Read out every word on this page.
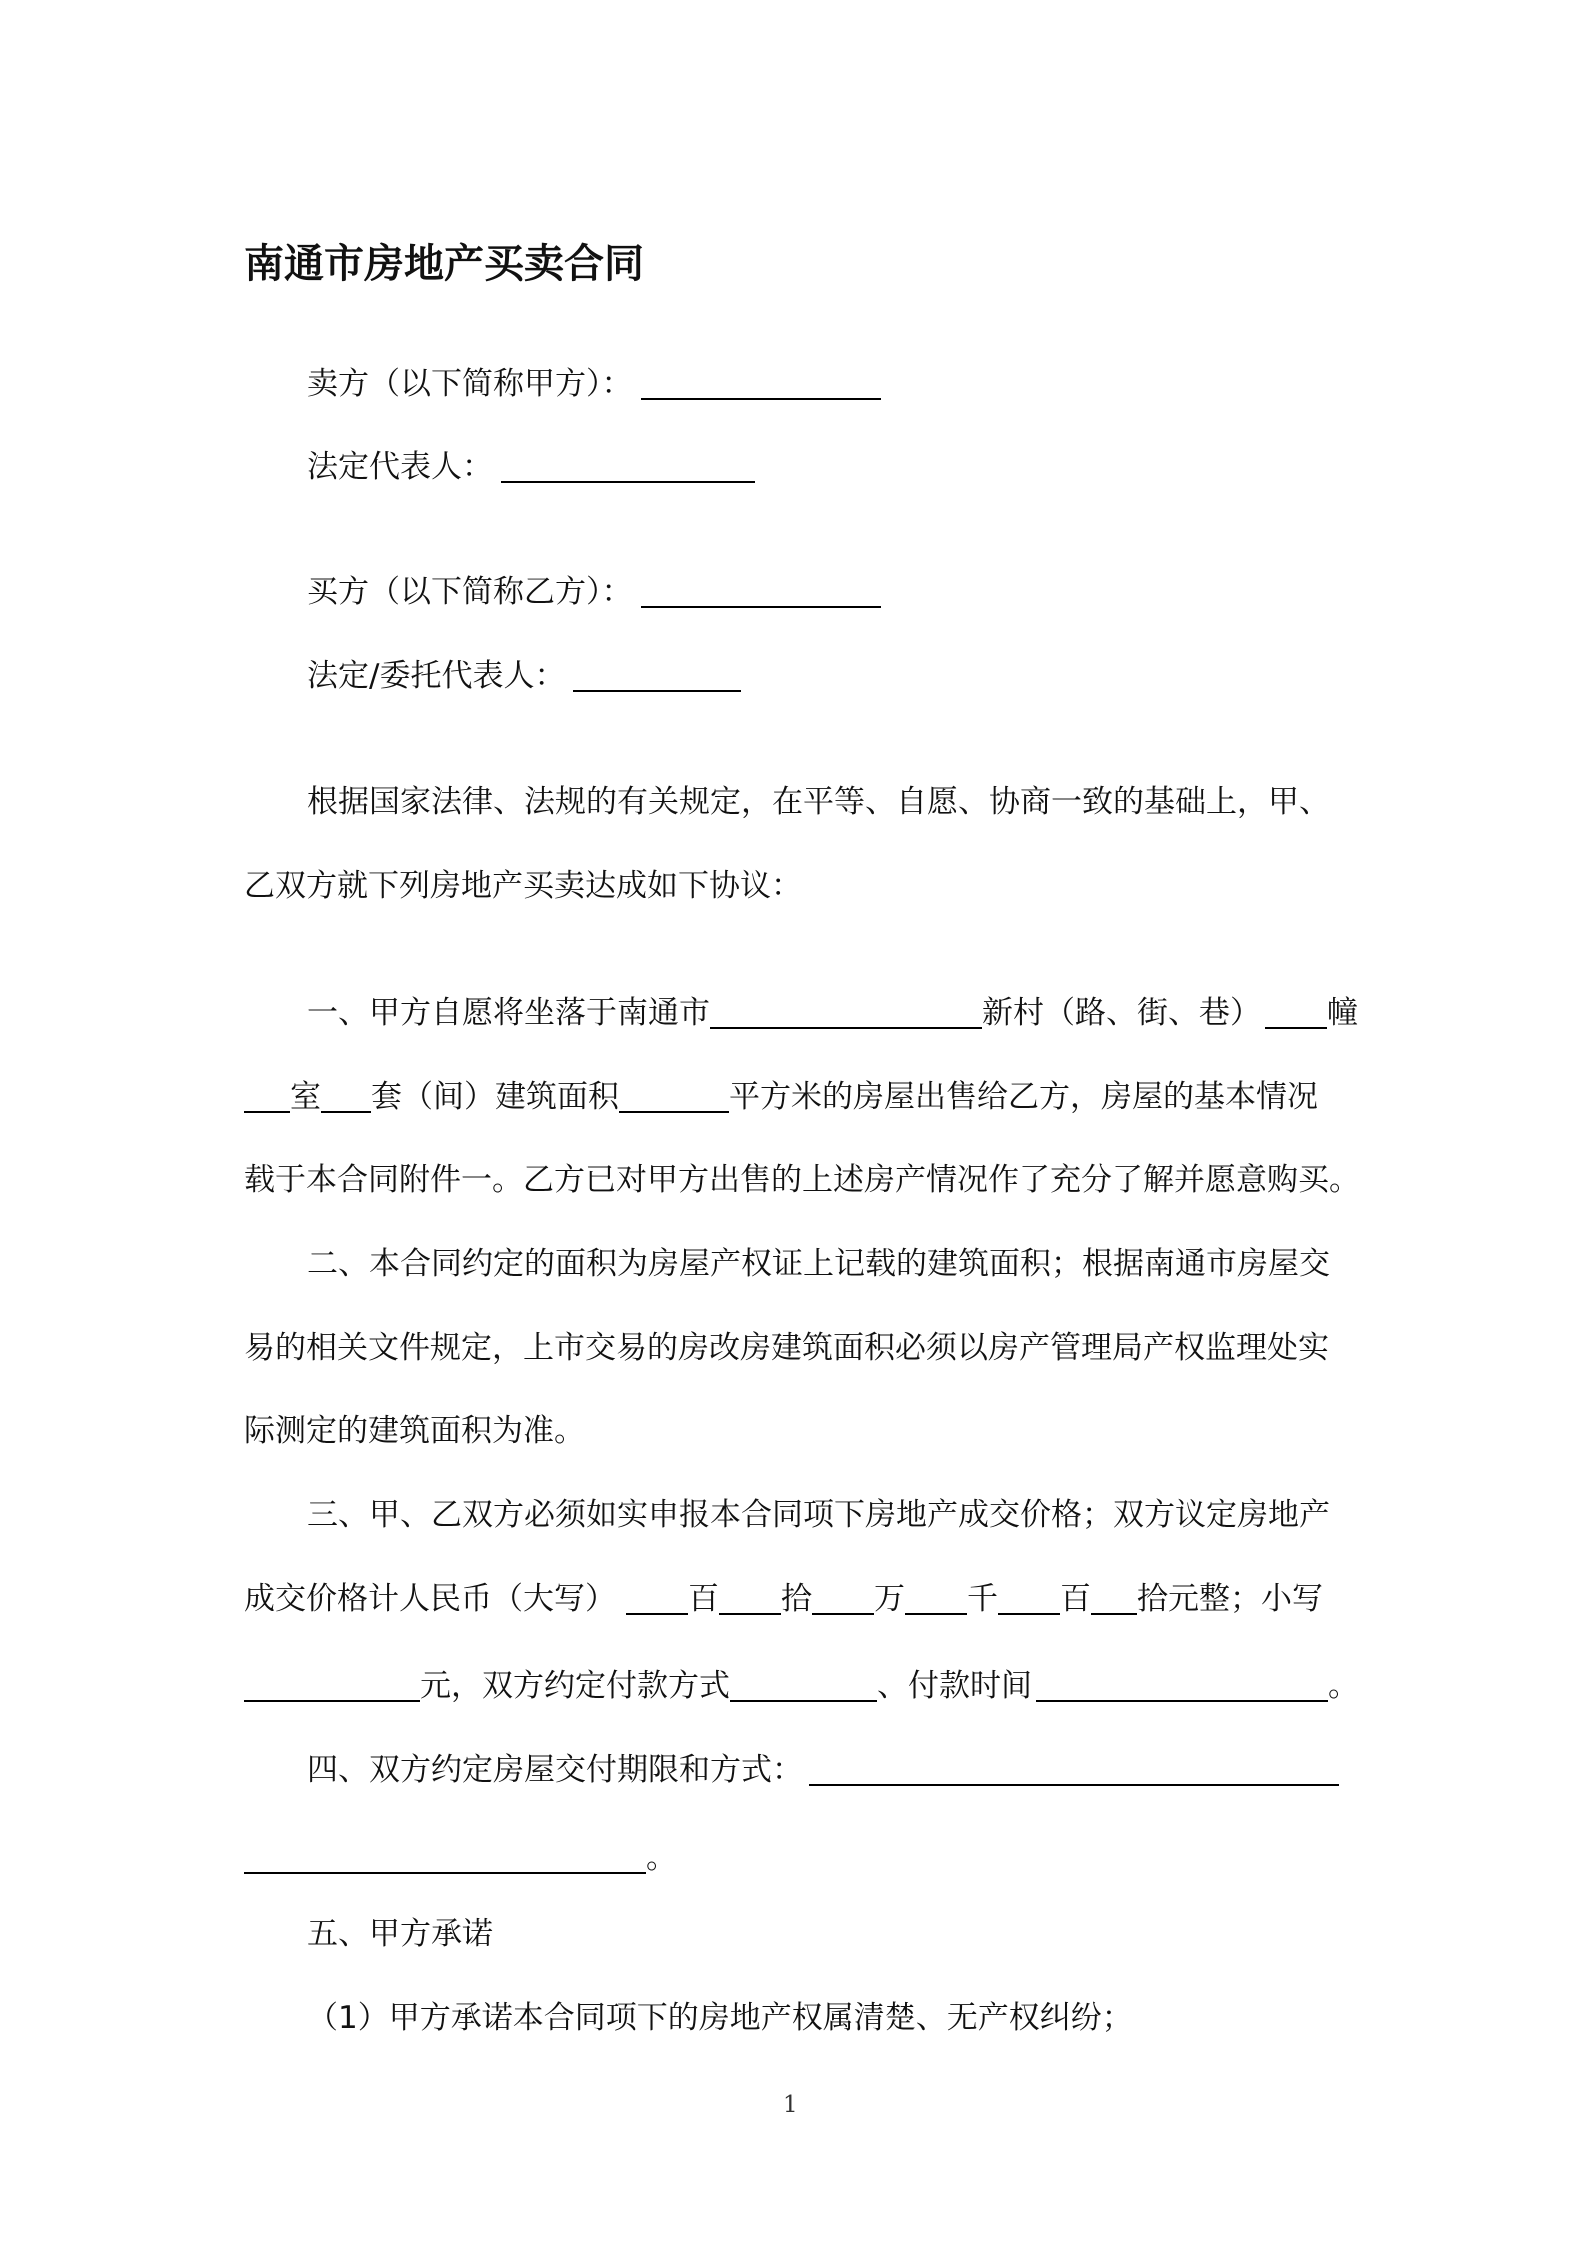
南通市房地产买卖合同
卖方（以下简称甲方）：
法定代表人：
买方（以下简称乙方）：
法定/委托代表人：
根据国家法律、法规的有关规定，在平等、自愿、协商一致的基础上，甲、
乙双方就下列房地产买卖达成如下协议：
一、甲方自愿将坐落于南通市	新村（路、街、巷） 幢
室 套（间）建筑面积	平方米的房屋出售给乙方，房屋的基本情况
载于本合同附件一。乙方已对甲方出售的上述房产情况作了充分了解并愿意购买。
二、本合同约定的面积为房屋产权证上记载的建筑面积；根据南通市房屋交
易的相关文件规定，上市交易的房改房建筑面积必须以房产管理局产权监理处实
际测定的建筑面积为准。
三、甲、乙双方必须如实申报本合同项下房地产成交价格；双方议定房地产
成交价格计人民币（大写） 百 拾 万 千 百 拾元整；小写
元，双方约定付款方式	、付款时间	。
四、双方约定房屋交付期限和方式：
。
五、甲方承诺
（1）甲方承诺本合同项下的房地产权属清楚、无产权纠纷；
1
